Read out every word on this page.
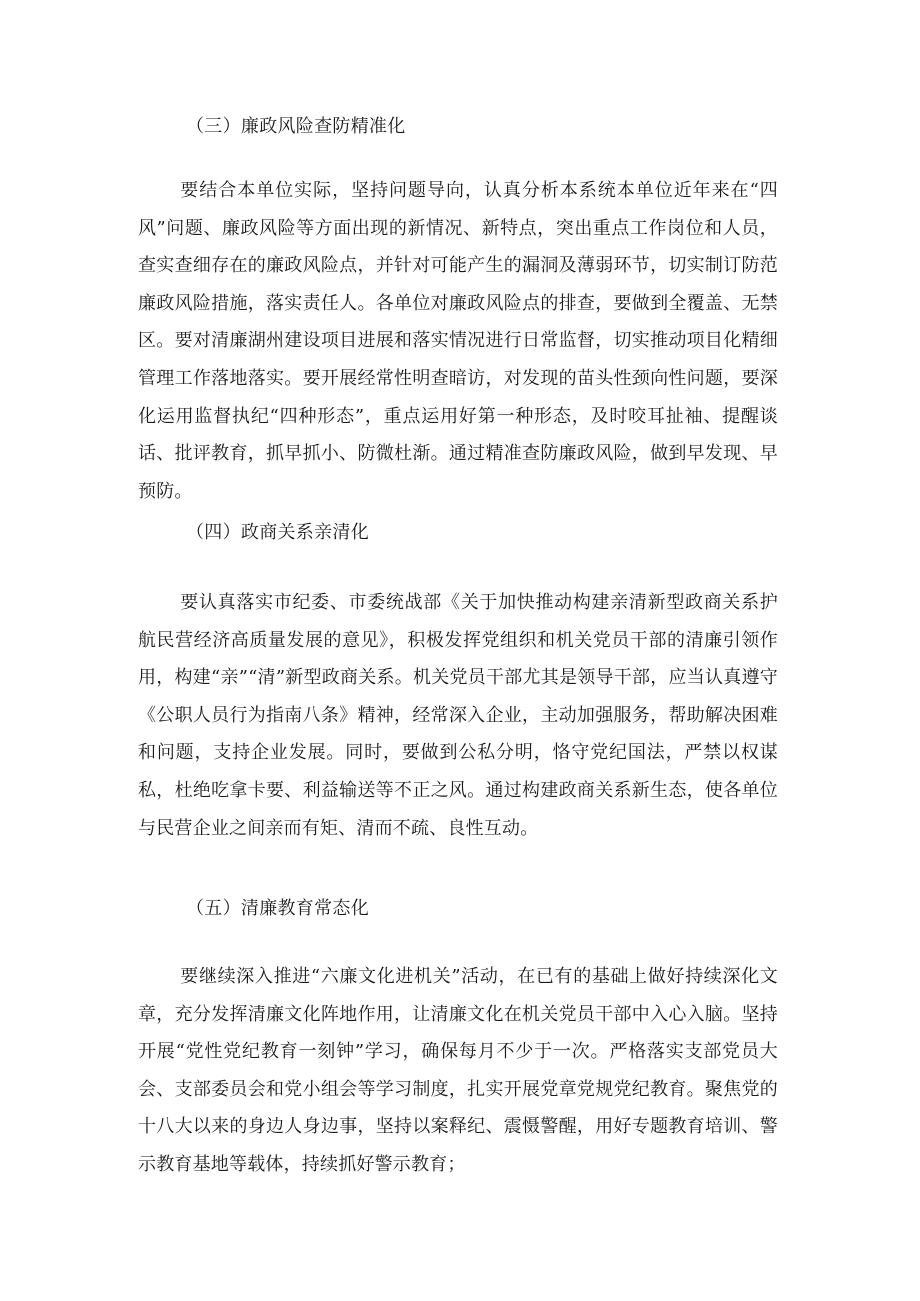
（三）廉政风险查防精准化

要结合本单位实际，坚持问题导向，认真分析本系统本单位近年来在“四风”问题、廉政风险等方面出现的新情况、新特点，突出重点工作岗位和人员，查实查细存在的廉政风险点，并针对可能产生的漏洞及薄弱环节，切实制订防范廉政风险措施，落实责任人。各单位对廉政风险点的排查，要做到全覆盖、无禁区。要对清廉湖州建设项目进展和落实情况进行日常监督，切实推动项目化精细管理工作落地落实。要开展经常性明查暗访，对发现的苗头性颈向性问题，要深化运用监督执纪“四种形态”，重点运用好第一种形态，及时咬耳扯袖、提醒谈话、批评教育，抓早抓小、防微杜渐。通过精准查防廉政风险，做到早发现、早预防。

（四）政商关系亲清化

要认真落实市纪委、市委统战部《关于加快推动构建亲清新型政商关系护航民营经济高质量发展的意见》，积极发挥党组织和机关党员干部的清廉引领作用，构建“亲”“清”新型政商关系。机关党员干部尤其是领导干部，应当认真遵守《公职人员行为指南八条》精神，经常深入企业，主动加强服务，帮助解决困难和问题，支持企业发展。同时，要做到公私分明，恪守党纪国法，严禁以权谋私，杜绝吃拿卡要、利益输送等不正之风。通过构建政商关系新生态，使各单位与民营企业之间亲而有矩、清而不疏、良性互动。

（五）清廉教育常态化

要继续深入推进“六廉文化进机关”活动，在已有的基础上做好持续深化文章，充分发挥清廉文化阵地作用，让清廉文化在机关党员干部中入心入脑。坚持开展“党性党纪教育一刻钟”学习，确保每月不少于一次。严格落实支部党员大会、支部委员会和党小组会等学习制度，扎实开展党章党规党纪教育。聚焦党的十八大以来的身边人身边事，坚持以案释纪、震慑警醒，用好专题教育培训、警示教育基地等载体，持续抓好警示教育；
